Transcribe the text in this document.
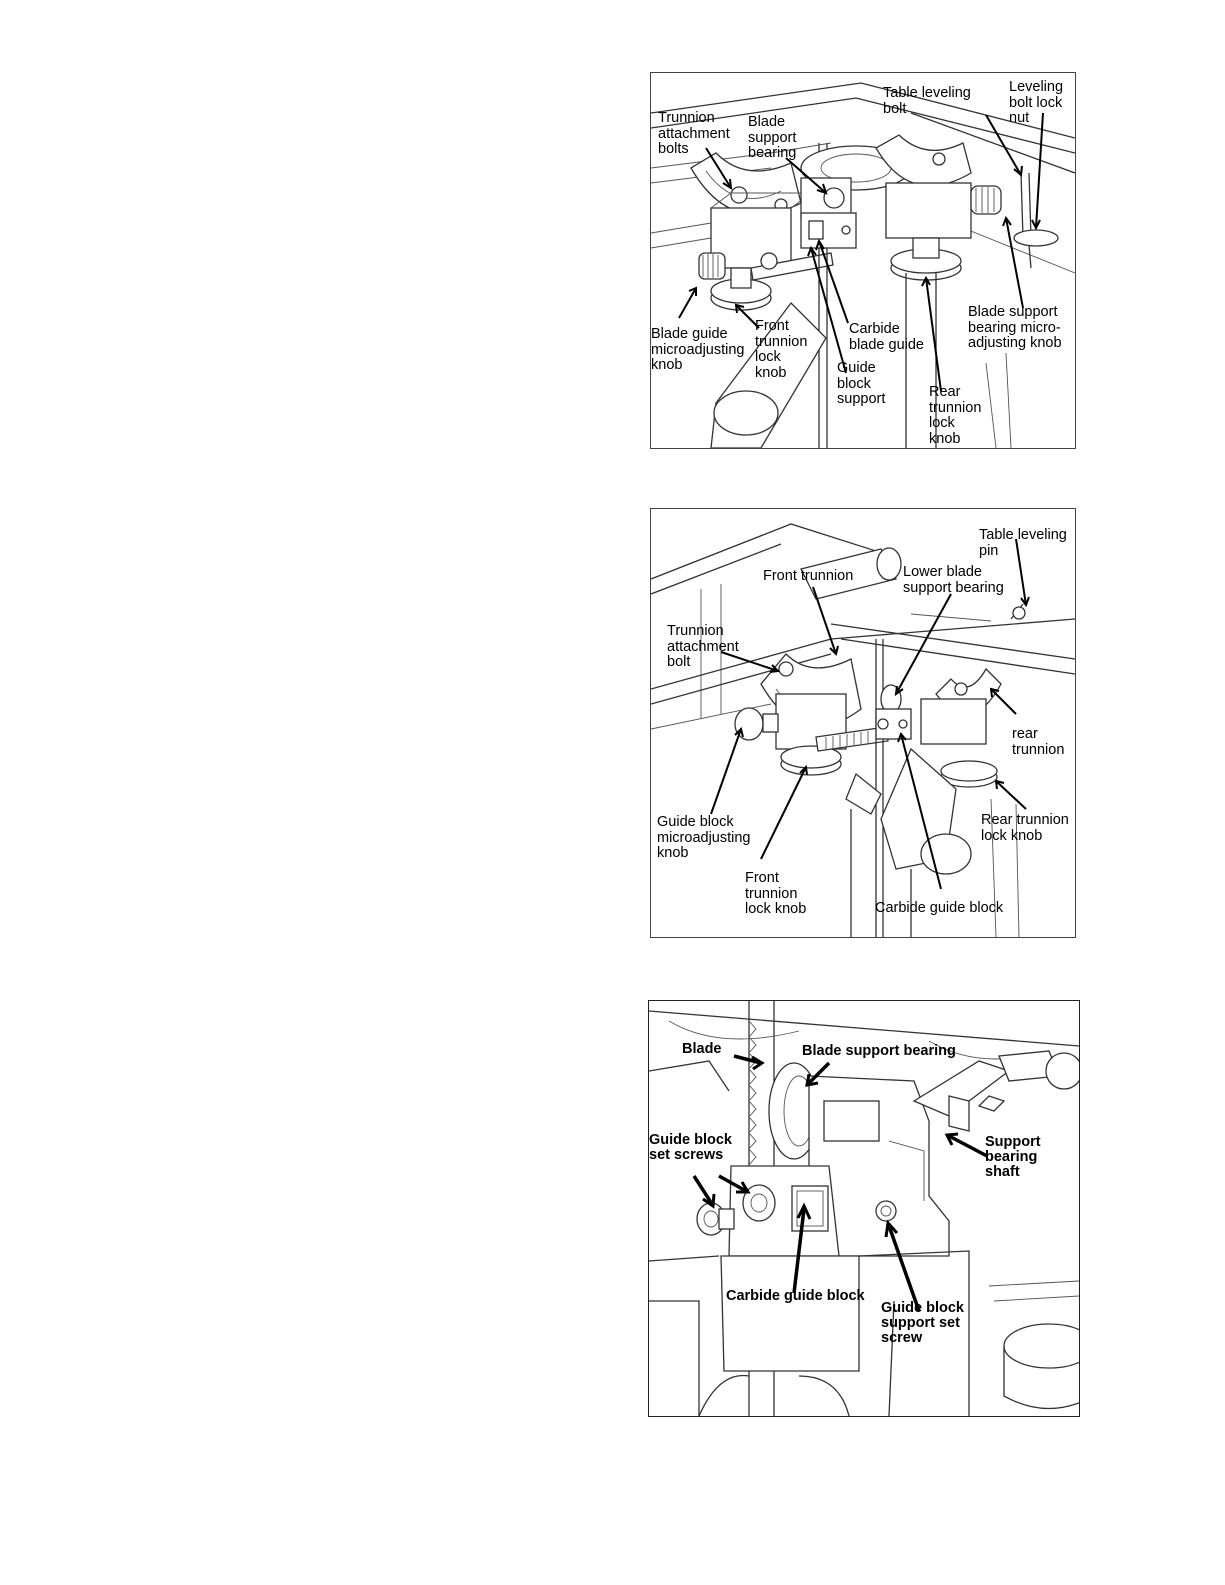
Table leveling
bolt
Leveling
bolt lock
nut
Trunnion
attachment
bolts
Blade
support
bearing
Blade guide
microadjusting
knob
Front
trunnion
lock
knob
Carbide
blade guide
Guide
block
support	Rear
trunnion
lock
knob
Blade support
bearing micro-
adjusting knob
Table leveling
pin
Front trunnion	Lower blade
support bearing
Trunnion
attachment
bolt
rear
trunnion
Rear trunnion
lock knob
Guide block
microadjusting
knob
Front
trunnion
lock knob	Carbide guide block
Blade	Blade support bearing
Support
bearing
shaft
Guide block
set screws
Carbide guide block
Guide block
support set
screw
